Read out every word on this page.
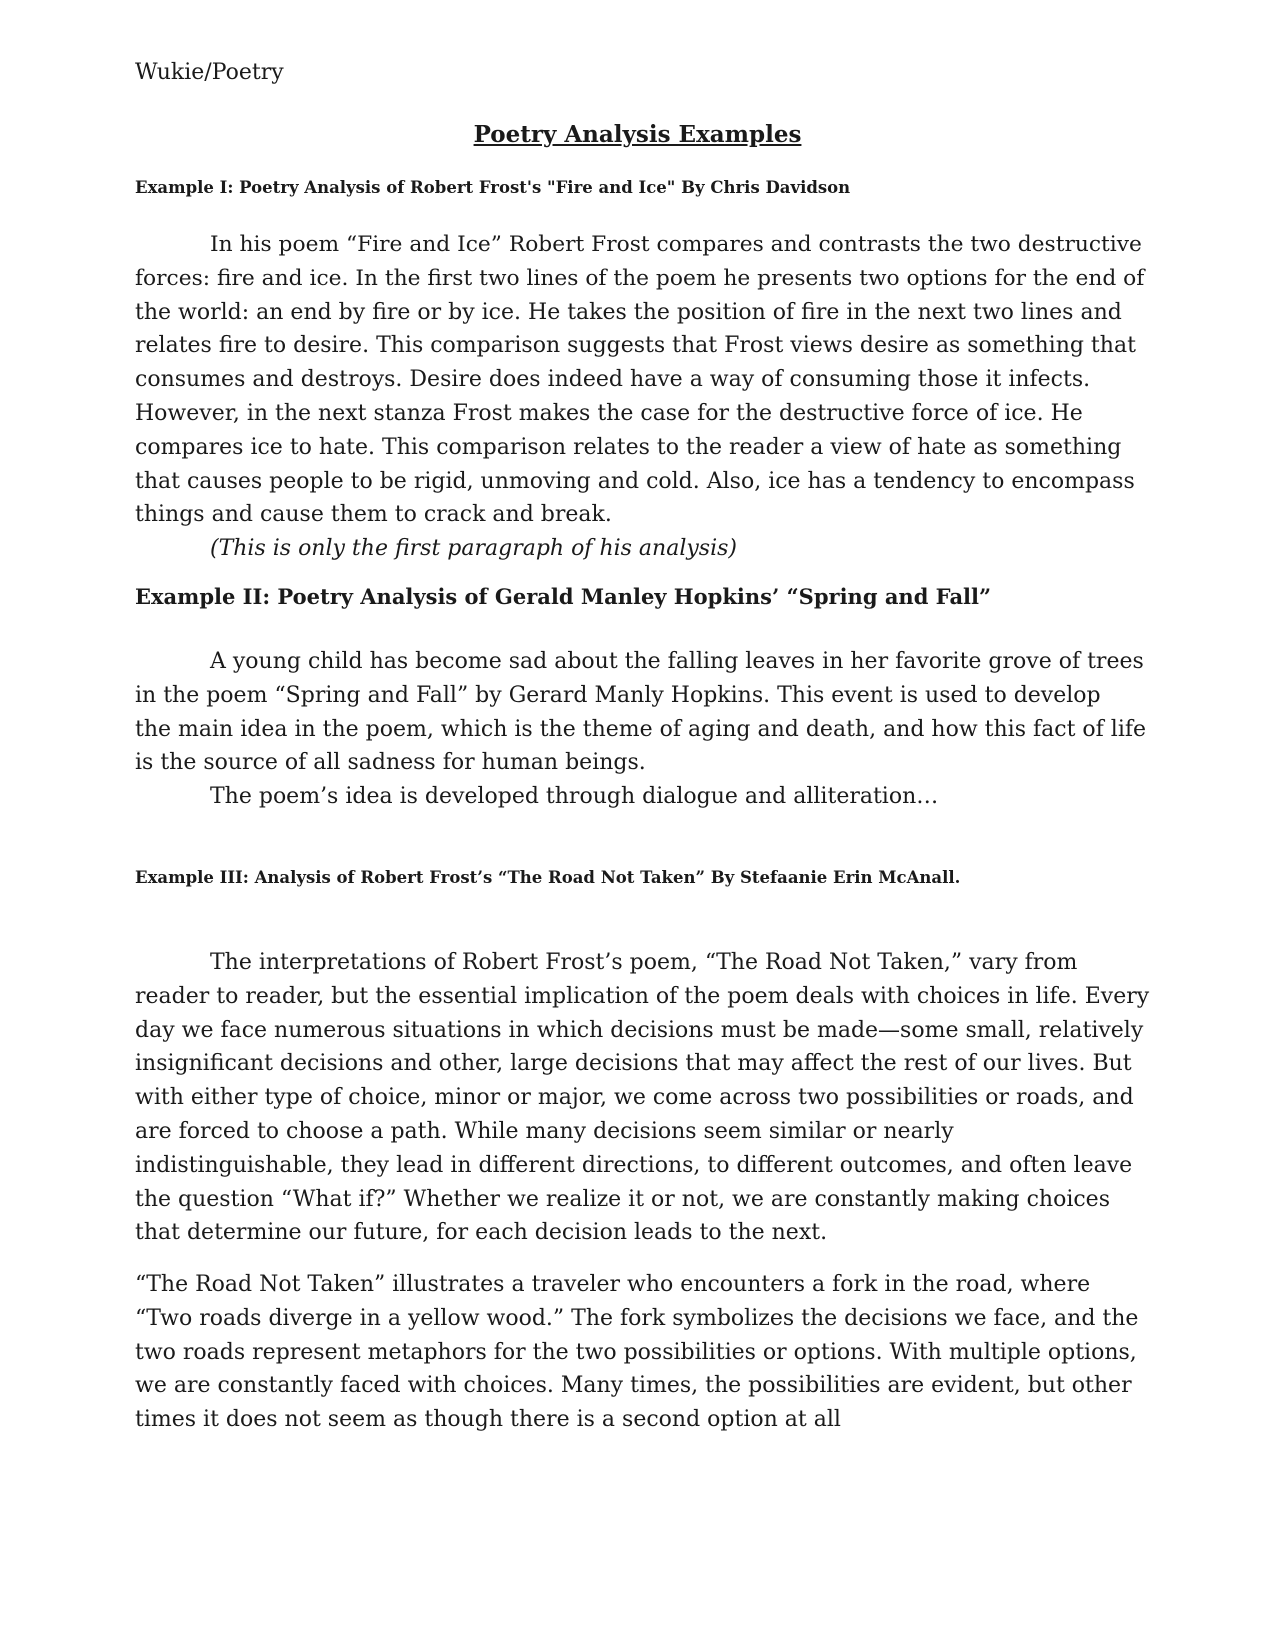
Wukie/Poetry
Poetry Analysis Examples
Example I: Poetry Analysis of Robert Frost's "Fire and Ice" By Chris Davidson
In his poem “Fire and Ice” Robert Frost compares and contrasts the two destructive
forces: fire and ice. In the first two lines of the poem he presents two options for the end of
the world: an end by fire or by ice. He takes the position of fire in the next two lines and
relates fire to desire. This comparison suggests that Frost views desire as something that
consumes and destroys. Desire does indeed have a way of consuming those it infects.
However, in the next stanza Frost makes the case for the destructive force of ice. He
compares ice to hate. This comparison relates to the reader a view of hate as something
that causes people to be rigid, unmoving and cold. Also, ice has a tendency to encompass
things and cause them to crack and break.
(This is only the first paragraph of his analysis)
Example II: Poetry Analysis of Gerald Manley Hopkins’ “Spring and Fall”
A young child has become sad about the falling leaves in her favorite grove of trees
in the poem “Spring and Fall” by Gerard Manly Hopkins. This event is used to develop
the main idea in the poem, which is the theme of aging and death, and how this fact of life
is the source of all sadness for human beings.
The poem’s idea is developed through dialogue and alliteration…
Example III: Analysis of Robert Frost’s “The Road Not Taken” By Stefaanie Erin McAnall.
The interpretations of Robert Frost’s poem, “The Road Not Taken,” vary from
reader to reader, but the essential implication of the poem deals with choices in life. Every
day we face numerous situations in which decisions must be made—some small, relatively
insignificant decisions and other, large decisions that may affect the rest of our lives. But
with either type of choice, minor or major, we come across two possibilities or roads, and
are forced to choose a path. While many decisions seem similar or nearly
indistinguishable, they lead in different directions, to different outcomes, and often leave
the question “What if?” Whether we realize it or not, we are constantly making choices
that determine our future, for each decision leads to the next.
“The Road Not Taken” illustrates a traveler who encounters a fork in the road, where
“Two roads diverge in a yellow wood.” The fork symbolizes the decisions we face, and the
two roads represent metaphors for the two possibilities or options. With multiple options,
we are constantly faced with choices. Many times, the possibilities are evident, but other
times it does not seem as though there is a second option at all
